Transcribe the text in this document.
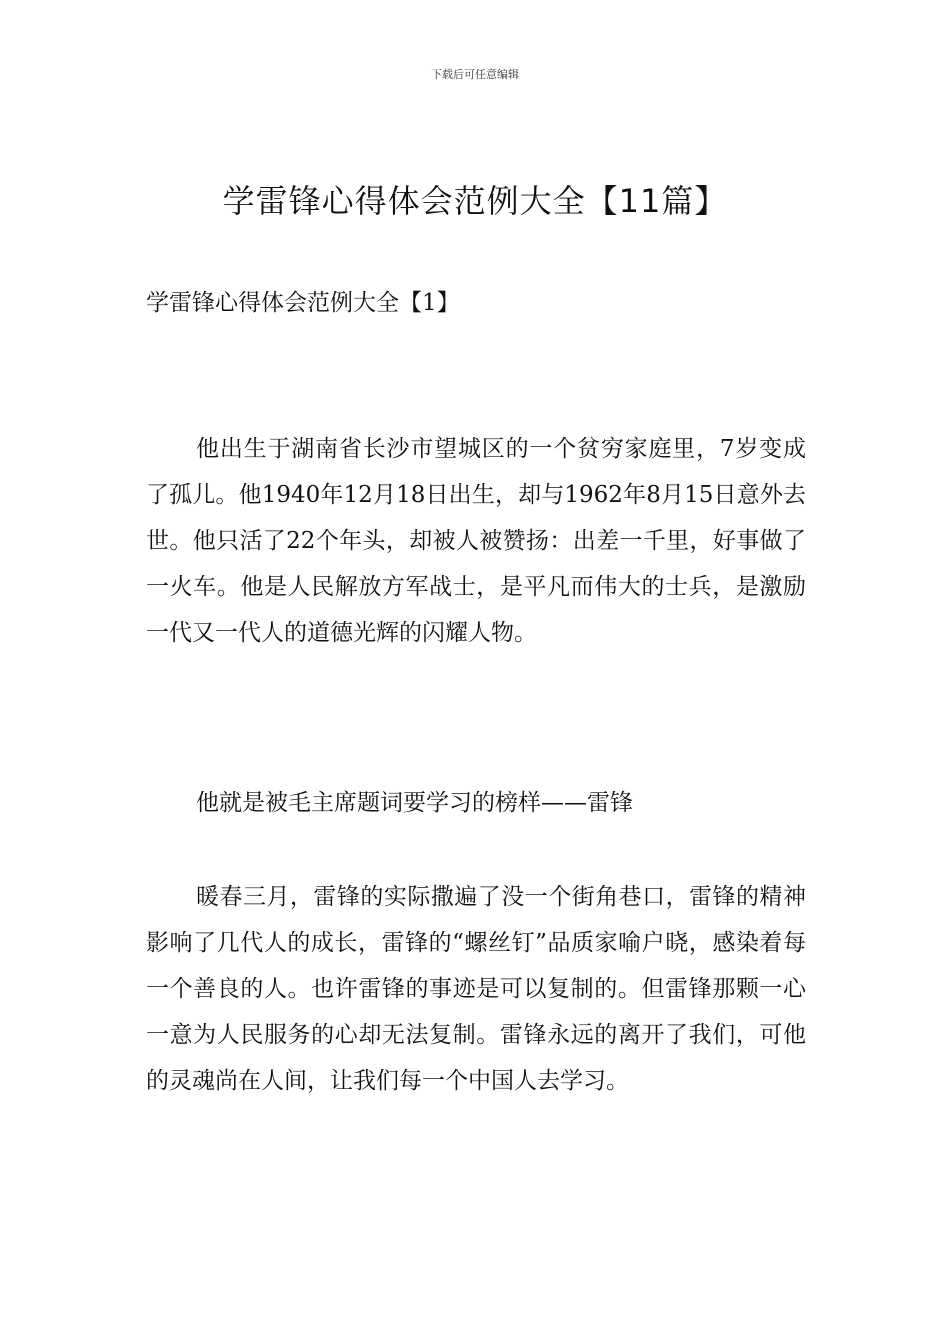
下载后可任意编辑
学雷锋心得体会范例大全【11篇】
学雷锋心得体会范例大全【1】

他出生于湖南省长沙市望城区的一个贫穷家庭里，7岁变成了孤儿。他1940年12月18日出生，却与1962年8月15日意外去世。他只活了22个年头，却被人被赞扬：出差一千里，好事做了一火车。他是人民解放方军战士，是平凡而伟大的士兵，是激励一代又一代人的道德光辉的闪耀人物。

他就是被毛主席题词要学习的榜样——雷锋

暖春三月，雷锋的实际撒遍了没一个街角巷口，雷锋的精神影响了几代人的成长，雷锋的“螺丝钉”品质家喻户晓，感染着每一个善良的人。也许雷锋的事迹是可以复制的。但雷锋那颗一心一意为人民服务的心却无法复制。雷锋永远的离开了我们，可他的灵魂尚在人间，让我们每一个中国人去学习。
